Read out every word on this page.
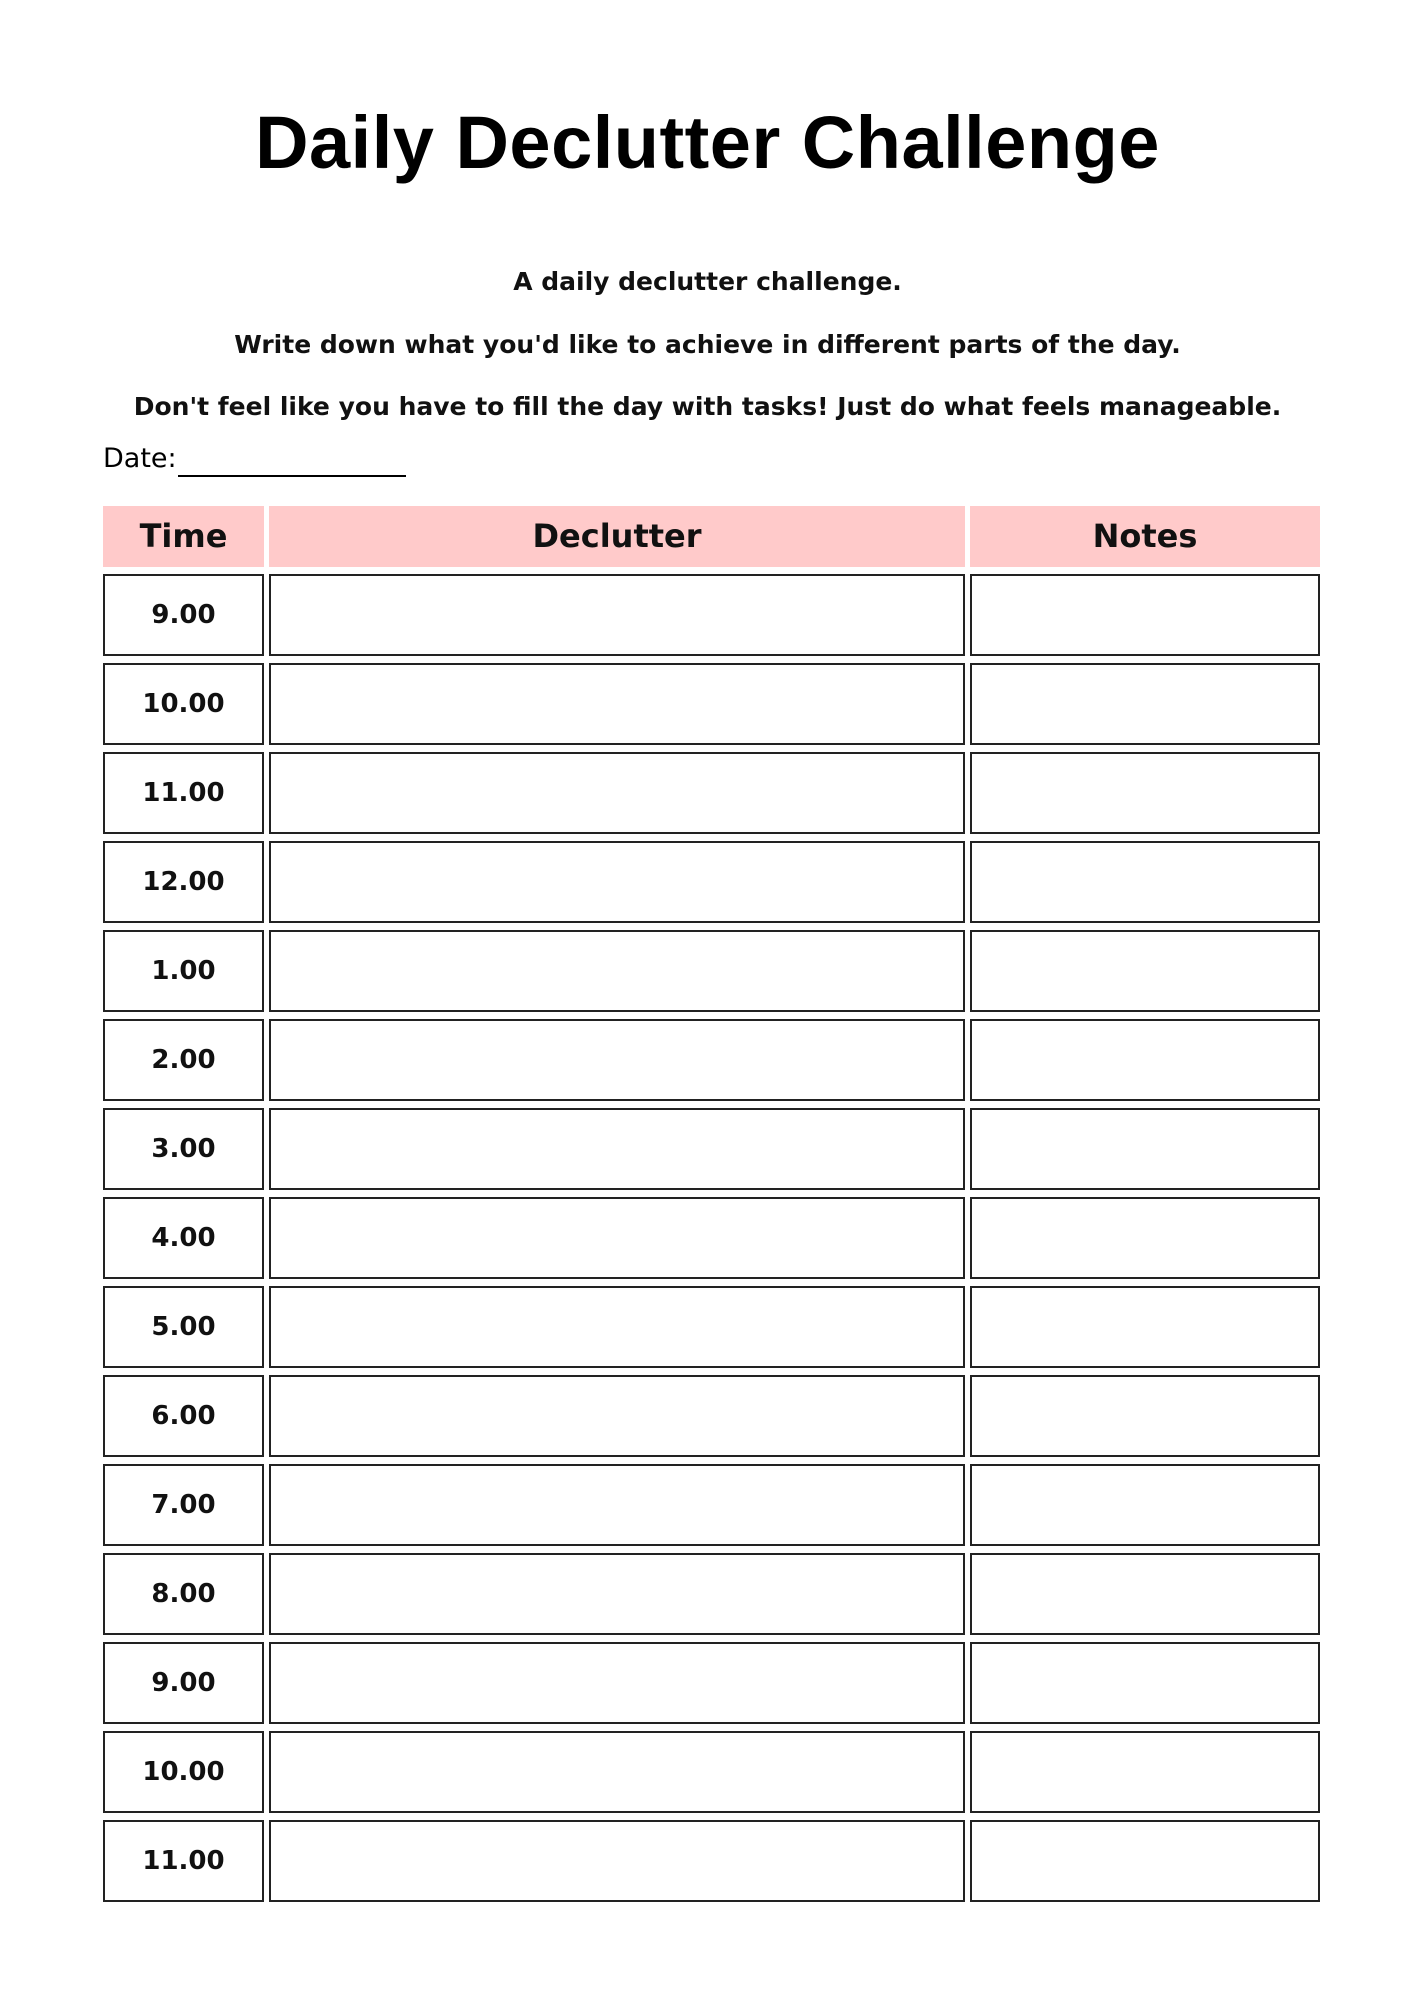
Daily Declutter Challenge
A daily declutter challenge.
Write down what you'd like to achieve in different parts of the day.
Don't feel like you have to fill the day with tasks! Just do what feels manageable.
Date:
Time	Declutter	Notes
9.00
10.00
11.00
12.00
1.00
2.00
3.00
4.00
5.00
6.00
7.00
8.00
9.00
10.00
11.00
